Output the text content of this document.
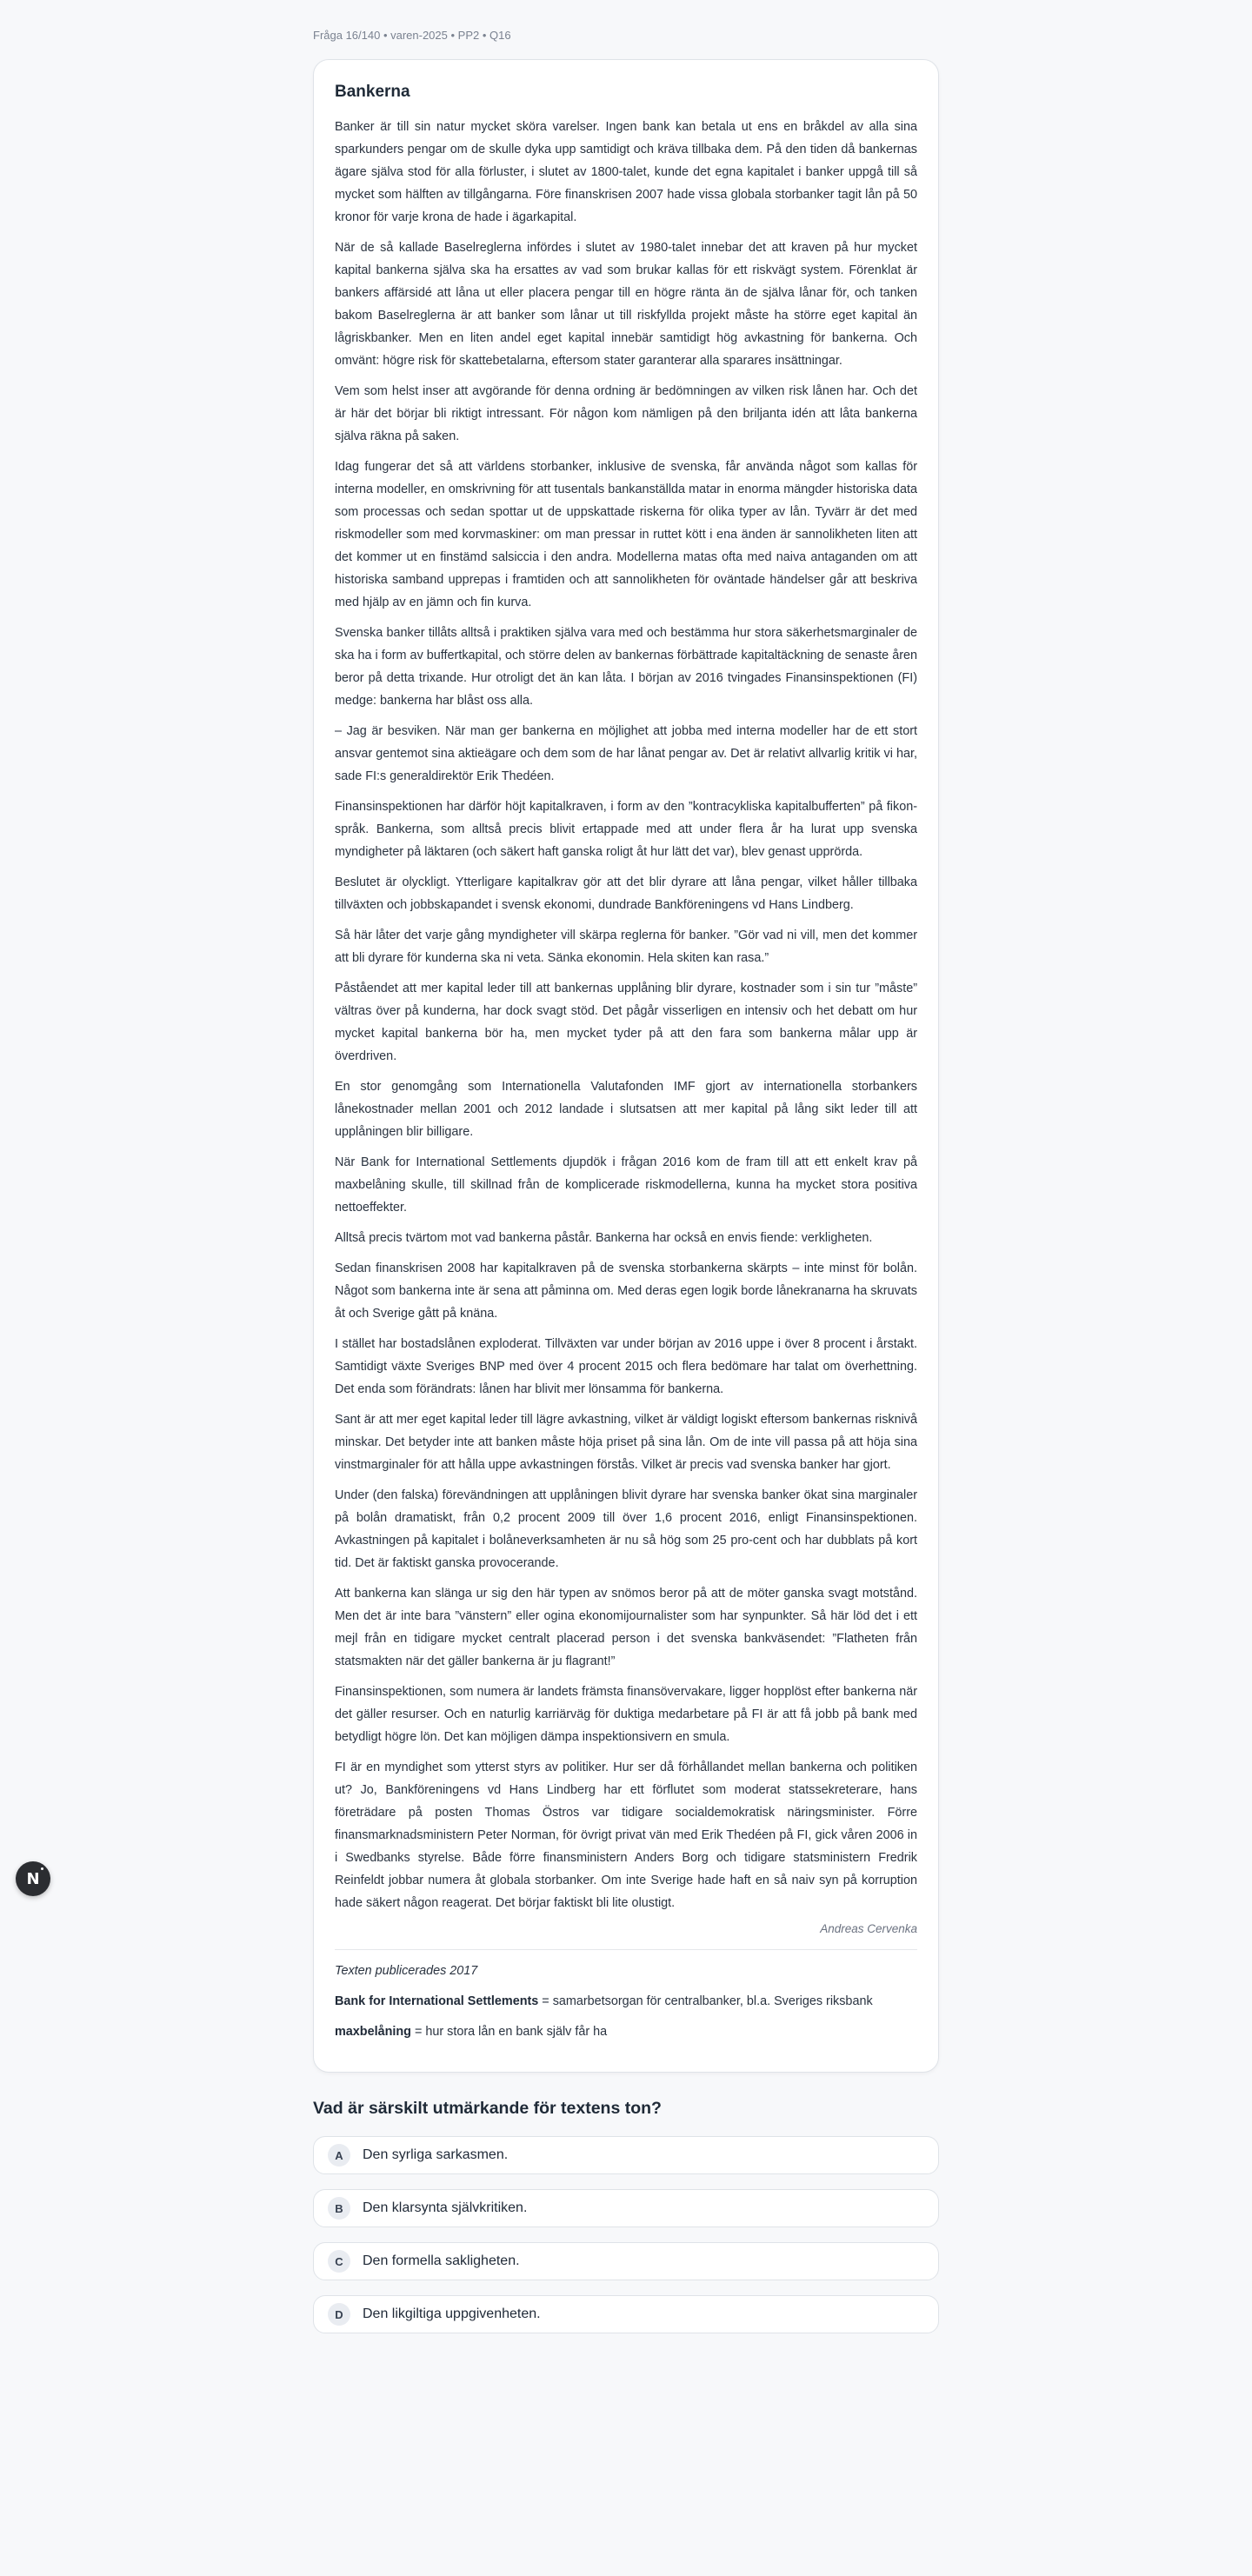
Fråga 16/140 • varen-2025 • PP2 • Q16
Bankerna

Banker är till sin natur mycket sköra varelser. Ingen bank kan betala ut ens en bråkdel av alla sina sparkunders pengar om de skulle dyka upp samtidigt och kräva tillbaka dem. På den tiden då bankernas ägare själva stod för alla förluster, i slutet av 1800-talet, kunde det egna kapitalet i banker uppgå till så mycket som hälften av tillgångarna. Före finanskrisen 2007 hade vissa globala storbanker tagit lån på 50 kronor för varje krona de hade i ägarkapital.

När de så kallade Baselreglerna infördes i slutet av 1980-talet innebar det att kraven på hur mycket kapital bankerna själva ska ha ersattes av vad som brukar kallas för ett riskvägt system. Förenklat är bankers affärsidé att låna ut eller placera pengar till en högre ränta än de själva lånar för, och tanken bakom Baselreglerna är att banker som lånar ut till riskfyllda projekt måste ha större eget kapital än lågriskbanker. Men en liten andel eget kapital innebär samtidigt hög avkastning för bankerna. Och omvänt: högre risk för skattebetalarna, eftersom stater garanterar alla sparares insättningar.

Vem som helst inser att avgörande för denna ordning är bedömningen av vilken risk lånen har. Och det är här det börjar bli riktigt intressant. För någon kom nämligen på den briljanta idén att låta bankerna själva räkna på saken.

Idag fungerar det så att världens storbanker, inklusive de svenska, får använda något som kallas för interna modeller, en omskrivning för att tusentals bankanställda matar in enorma mängder historiska data som processas och sedan spottar ut de uppskattade riskerna för olika typer av lån. Tyvärr är det med riskmodeller som med korvmaskiner: om man pressar in ruttet kött i ena änden är sannolikheten liten att det kommer ut en finstämd salsiccia i den andra. Modellerna matas ofta med naiva antaganden om att historiska samband upprepas i framtiden och att sannolikheten för oväntade händelser går att beskriva med hjälp av en jämn och fin kurva.

Svenska banker tillåts alltså i praktiken själva vara med och bestämma hur stora säkerhetsmarginaler de ska ha i form av buffertkapital, och större delen av bankernas förbättrade kapitaltäckning de senaste åren beror på detta trixande. Hur otroligt det än kan låta. I början av 2016 tvingades Finansinspektionen (FI) medge: bankerna har blåst oss alla.

– Jag är besviken. När man ger bankerna en möjlighet att jobba med interna modeller har de ett stort ansvar gentemot sina aktieägare och dem som de har lånat pengar av. Det är relativt allvarlig kritik vi har, sade FI:s generaldirektör Erik Thedéen.

Finansinspektionen har därför höjt kapitalkraven, i form av den ”kontracykliska kapitalbufferten” på fikon-språk. Bankerna, som alltså precis blivit ertappade med att under flera år ha lurat upp svenska myndigheter på läktaren (och säkert haft ganska roligt åt hur lätt det var), blev genast upprörda.

Beslutet är olyckligt. Ytterligare kapitalkrav gör att det blir dyrare att låna pengar, vilket håller tillbaka tillväxten och jobbskapandet i svensk ekonomi, dundrade Bankföreningens vd Hans Lindberg.

Så här låter det varje gång myndigheter vill skärpa reglerna för banker. ”Gör vad ni vill, men det kommer att bli dyrare för kunderna ska ni veta. Sänka ekonomin. Hela skiten kan rasa.”

Påståendet att mer kapital leder till att bankernas upplåning blir dyrare, kostnader som i sin tur ”måste” vältras över på kunderna, har dock svagt stöd. Det pågår visserligen en intensiv och het debatt om hur mycket kapital bankerna bör ha, men mycket tyder på att den fara som bankerna målar upp är överdriven.

En stor genomgång som Internationella Valutafonden IMF gjort av internationella storbankers lånekostnader mellan 2001 och 2012 landade i slutsatsen att mer kapital på lång sikt leder till att upplåningen blir billigare.

När Bank for International Settlements djupdök i frågan 2016 kom de fram till att ett enkelt krav på maxbelåning skulle, till skillnad från de komplicerade riskmodellerna, kunna ha mycket stora positiva nettoeffekter.

Alltså precis tvärtom mot vad bankerna påstår. Bankerna har också en envis fiende: verkligheten.

Sedan finanskrisen 2008 har kapitalkraven på de svenska storbankerna skärpts – inte minst för bolån. Något som bankerna inte är sena att påminna om. Med deras egen logik borde lånekranarna ha skruvats åt och Sverige gått på knäna.

I stället har bostadslånen exploderat. Tillväxten var under början av 2016 uppe i över 8 procent i årstakt. Samtidigt växte Sveriges BNP med över 4 procent 2015 och flera bedömare har talat om överhettning. Det enda som förändrats: lånen har blivit mer lönsamma för bankerna.

Sant är att mer eget kapital leder till lägre avkastning, vilket är väldigt logiskt eftersom bankernas risknivå minskar. Det betyder inte att banken måste höja priset på sina lån. Om de inte vill passa på att höja sina vinstmarginaler för att hålla uppe avkastningen förstås. Vilket är precis vad svenska banker har gjort.

Under (den falska) förevändningen att upplåningen blivit dyrare har svenska banker ökat sina marginaler på bolån dramatiskt, från 0,2 procent 2009 till över 1,6 procent 2016, enligt Finansinspektionen. Avkastningen på kapitalet i bolåneverksamheten är nu så hög som 25 pro-cent och har dubblats på kort tid. Det är faktiskt ganska provocerande.

Att bankerna kan slänga ur sig den här typen av snömos beror på att de möter ganska svagt motstånd. Men det är inte bara ”vänstern” eller ogina ekonomijournalister som har synpunkter. Så här löd det i ett mejl från en tidigare mycket centralt placerad person i det svenska bankväsendet: ”Flatheten från statsmakten när det gäller bankerna är ju flagrant!”

Finansinspektionen, som numera är landets främsta finansövervakare, ligger hopplöst efter bankerna när det gäller resurser. Och en naturlig karriärväg för duktiga medarbetare på FI är att få jobb på bank med betydligt högre lön. Det kan möjligen dämpa inspektionsivern en smula.

FI är en myndighet som ytterst styrs av politiker. Hur ser då förhållandet mellan bankerna och politiken ut? Jo, Bankföreningens vd Hans Lindberg har ett förflutet som moderat statssekreterare, hans företrädare på posten Thomas Östros var tidigare socialdemokratisk näringsminister. Förre finansmarknadsministern Peter Norman, för övrigt privat vän med Erik Thedéen på FI, gick våren 2006 in i Swedbanks styrelse. Både förre finansministern Anders Borg och tidigare statsministern Fredrik Reinfeldt jobbar numera åt globala storbanker. Om inte Sverige hade haft en så naiv syn på korruption hade säkert någon reagerat. Det börjar faktiskt bli lite olustigt.

Andreas Cervenka
Texten publicerades 2017
Bank for International Settlements = samarbetsorgan för centralbanker, bl.a. Sveriges riksbank
maxbelåning = hur stora lån en bank själv får ha
Vad är särskilt utmärkande för textens ton?
A	Den syrliga sarkasmen.
B	Den klarsynta självkritiken.
C	Den formella sakligheten.
D	Den likgiltiga uppgivenheten.
N
